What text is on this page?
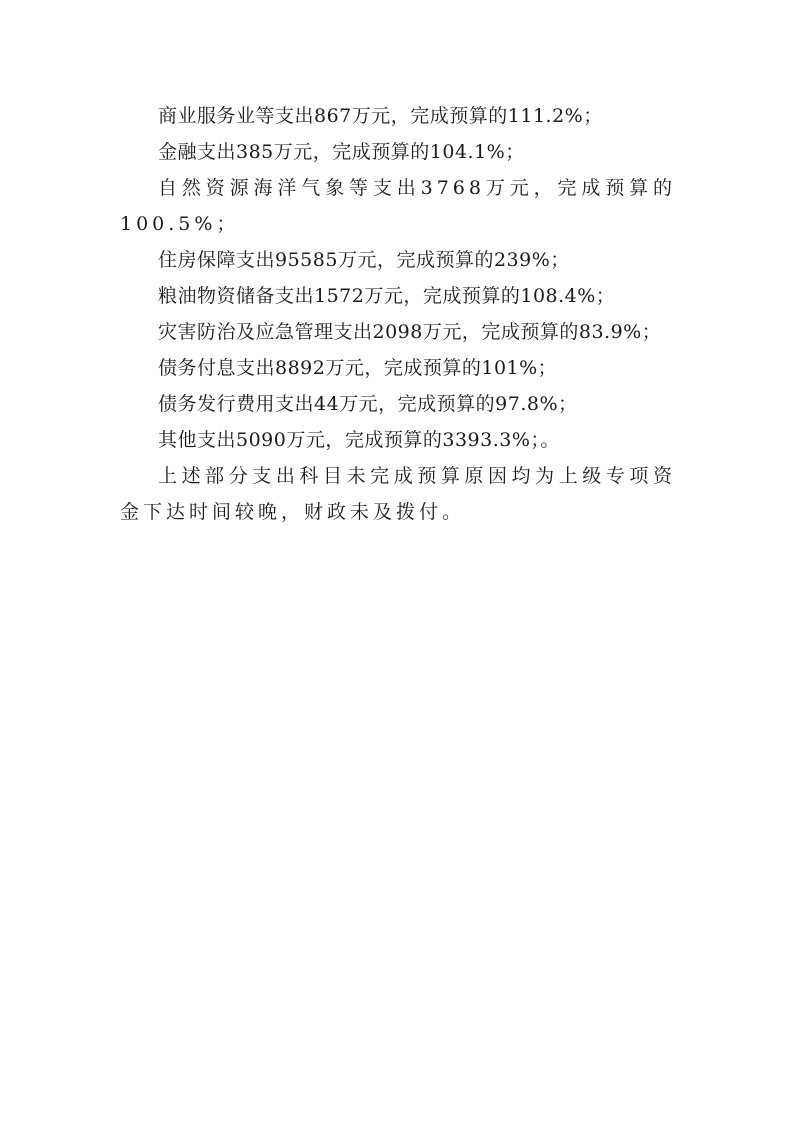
商业服务业等支出867万元，完成预算的111.2%；

金融支出385万元，完成预算的104.1%；

自然资源海洋气象等支出3768万元，完成预算的100.5%；

住房保障支出95585万元，完成预算的239%；

粮油物资储备支出1572万元，完成预算的108.4%；

灾害防治及应急管理支出2098万元，完成预算的83.9%；

债务付息支出8892万元，完成预算的101%；

债务发行费用支出44万元，完成预算的97.8%；

其他支出5090万元，完成预算的3393.3%；。

上述部分支出科目未完成预算原因均为上级专项资金下达时间较晚，财政未及拨付。
